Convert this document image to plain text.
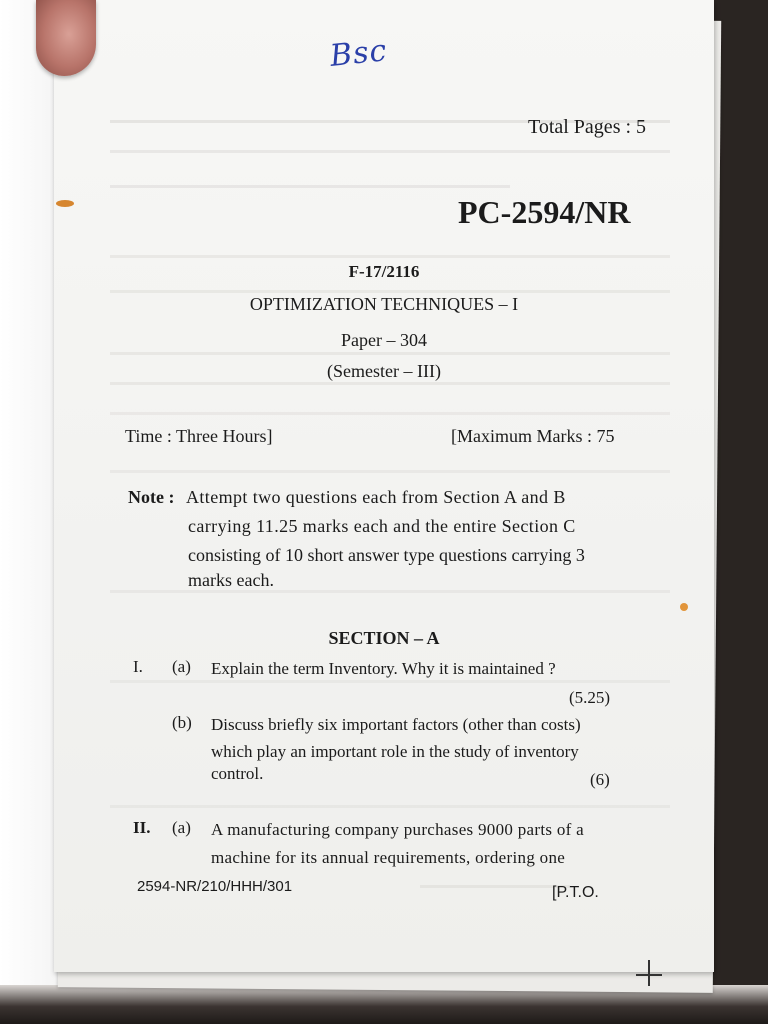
Bsc
Total Pages : 5
PC-2594/NR
F-17/2116
OPTIMIZATION TECHNIQUES – I
Paper – 304
(Semester – III)
Time : Three Hours]	[Maximum Marks : 75
Note : Attempt two questions each from Section A and B
carrying 11.25 marks each and the entire Section C
consisting of 10 short answer type questions carrying 3
marks each.
SECTION – A
I. (a) Explain the term Inventory. Why it is maintained ?
(5.25)
(b) Discuss briefly six important factors (other than costs)
which play an important role in the study of inventory
control.	(6)
II. (a) A manufacturing company purchases 9000 parts of a
machine for its annual requirements, ordering one
2594-NR/210/HHH/301	[P.T.O.
